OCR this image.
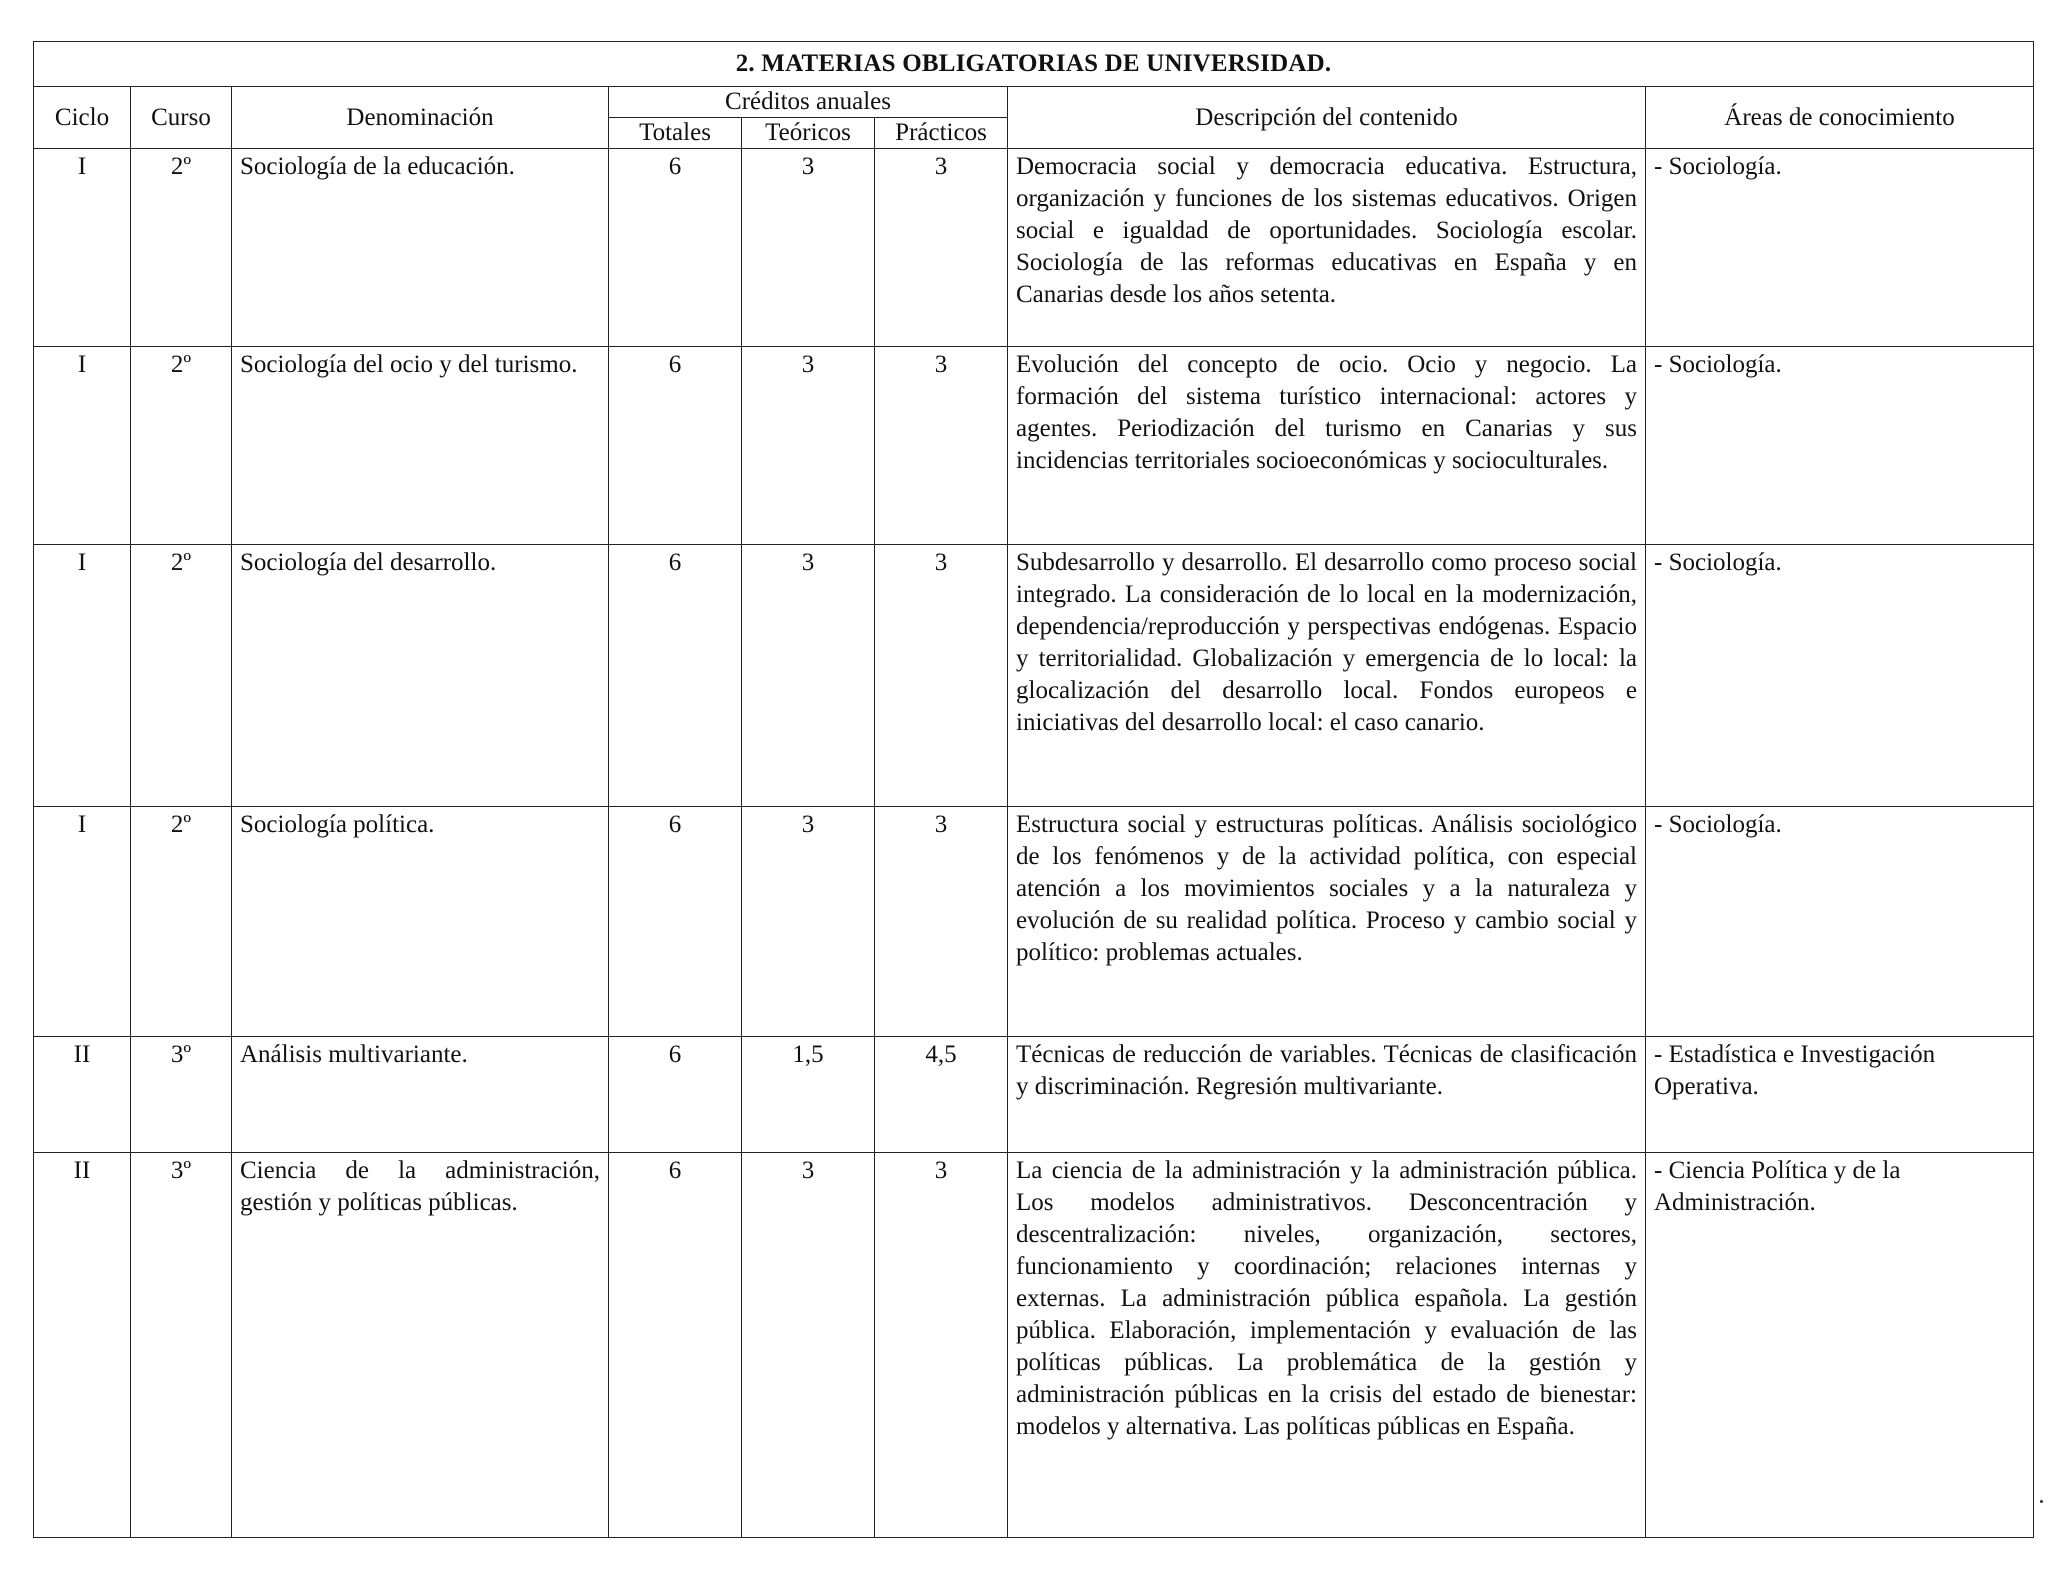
2. MATERIAS OBLIGATORIAS DE UNIVERSIDAD.							
Ciclo	Curso	Denominación	Créditos anuales			Descripción del contenido	Áreas de conocimiento
			Totales	Teóricos	Prácticos		
I	2º	Sociología de la educación.	6	3	3	Democracia social y democracia educativa. Estructura, organización y funciones de los sistemas educativos. Origen social e igualdad de oportunidades. Sociología escolar. Sociología de las reformas educativas en España y en Canarias desde los años setenta.	- Sociología.
I	2º	Sociología del ocio y del turismo.	6	3	3	Evolución del concepto de ocio. Ocio y negocio. La formación del sistema turístico internacional: actores y agentes. Periodización del turismo en Canarias y sus incidencias territoriales socioeconómicas y socioculturales.	- Sociología.
I	2º	Sociología del desarrollo.	6	3	3	Subdesarrollo y desarrollo. El desarrollo como proceso social integrado. La consideración de lo local en la modernización, dependencia/reproducción y perspectivas endógenas. Espacio y territorialidad. Globalización y emergencia de lo local: la glocalización del desarrollo local. Fondos europeos e iniciativas del desarrollo local: el caso canario.	- Sociología.
I	2º	Sociología política.	6	3	3	Estructura social y estructuras políticas. Análisis sociológico de los fenómenos y de la actividad política, con especial atención a los movimientos sociales y a la naturaleza y evolución de su realidad política. Proceso y cambio social y político: problemas actuales.	- Sociología.
II	3º	Análisis multivariante.	6	1,5	4,5	Técnicas de reducción de variables. Técnicas de clasificación y discriminación. Regresión multivariante.	- Estadística e Investigación Operativa.
II	3º	Ciencia de la administración, gestión y políticas públicas.	6	3	3	La ciencia de la administración y la administración pública. Los modelos administrativos. Desconcentración y descentralización: niveles, organización, sectores, funcionamiento y coordinación; relaciones internas y externas. La administración pública española. La gestión pública. Elaboración, implementación y evaluación de las políticas públicas. La problemática de la gestión y administración públicas en la crisis del estado de bienestar: modelos y alternativa. Las políticas públicas en España.	- Ciencia Política y de la Administración.
